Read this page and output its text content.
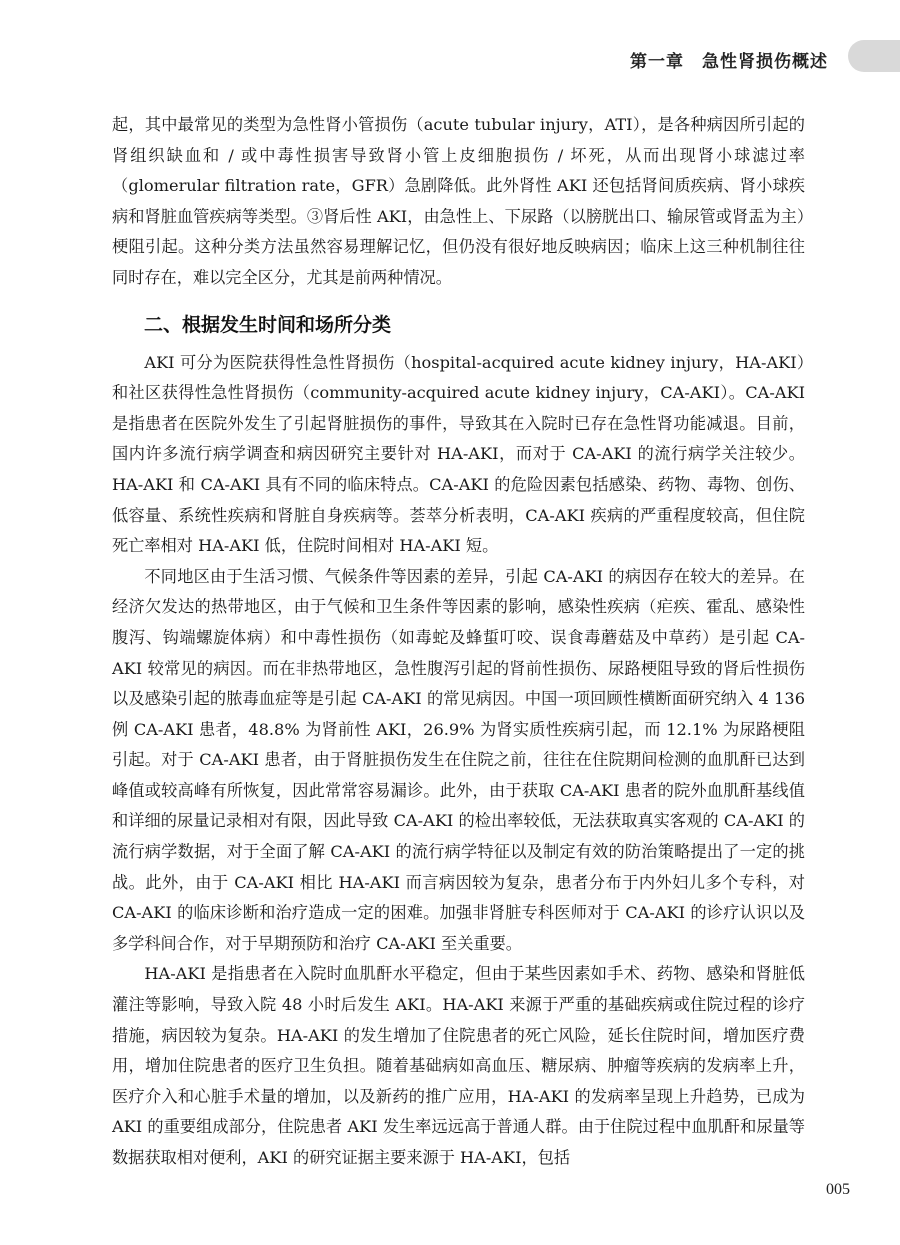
第一章　急性肾损伤概述

起，其中最常见的类型为急性肾小管损伤（acute tubular injury，ATI），是各种病因所引起的肾组织缺血和 / 或中毒性损害导致肾小管上皮细胞损伤 / 坏死，从而出现肾小球滤过率（glomerular filtration rate，GFR）急剧降低。此外肾性 AKI 还包括肾间质疾病、肾小球疾病和肾脏血管疾病等类型。③肾后性 AKI，由急性上、下尿路（以膀胱出口、输尿管或肾盂为主）梗阻引起。这种分类方法虽然容易理解记忆，但仍没有很好地反映病因；临床上这三种机制往往同时存在，难以完全区分，尤其是前两种情况。

二、根据发生时间和场所分类

AKI 可分为医院获得性急性肾损伤（hospital-acquired acute kidney injury，HA-AKI）和社区获得性急性肾损伤（community-acquired acute kidney injury，CA-AKI）。CA-AKI 是指患者在医院外发生了引起肾脏损伤的事件，导致其在入院时已存在急性肾功能减退。目前，国内许多流行病学调查和病因研究主要针对 HA-AKI，而对于 CA-AKI 的流行病学关注较少。HA-AKI 和 CA-AKI 具有不同的临床特点。CA-AKI 的危险因素包括感染、药物、毒物、创伤、低容量、系统性疾病和肾脏自身疾病等。荟萃分析表明，CA-AKI 疾病的严重程度较高，但住院死亡率相对 HA-AKI 低，住院时间相对 HA-AKI 短。

不同地区由于生活习惯、气候条件等因素的差异，引起 CA-AKI 的病因存在较大的差异。在经济欠发达的热带地区，由于气候和卫生条件等因素的影响，感染性疾病（疟疾、霍乱、感染性腹泻、钩端螺旋体病）和中毒性损伤（如毒蛇及蜂蜇叮咬、误食毒蘑菇及中草药）是引起 CA-AKI 较常见的病因。而在非热带地区，急性腹泻引起的肾前性损伤、尿路梗阻导致的肾后性损伤以及感染引起的脓毒血症等是引起 CA-AKI 的常见病因。中国一项回顾性横断面研究纳入 4 136 例 CA-AKI 患者，48.8% 为肾前性 AKI，26.9% 为肾实质性疾病引起，而 12.1% 为尿路梗阻引起。对于 CA-AKI 患者，由于肾脏损伤发生在住院之前，往往在住院期间检测的血肌酐已达到峰值或较高峰有所恢复，因此常常容易漏诊。此外，由于获取 CA-AKI 患者的院外血肌酐基线值和详细的尿量记录相对有限，因此导致 CA-AKI 的检出率较低，无法获取真实客观的 CA-AKI 的流行病学数据，对于全面了解 CA-AKI 的流行病学特征以及制定有效的防治策略提出了一定的挑战。此外，由于 CA-AKI 相比 HA-AKI 而言病因较为复杂，患者分布于内外妇儿多个专科，对 CA-AKI 的临床诊断和治疗造成一定的困难。加强非肾脏专科医师对于 CA-AKI 的诊疗认识以及多学科间合作，对于早期预防和治疗 CA-AKI 至关重要。

HA-AKI 是指患者在入院时血肌酐水平稳定，但由于某些因素如手术、药物、感染和肾脏低灌注等影响，导致入院 48 小时后发生 AKI。HA-AKI 来源于严重的基础疾病或住院过程的诊疗措施，病因较为复杂。HA-AKI 的发生增加了住院患者的死亡风险，延长住院时间，增加医疗费用，增加住院患者的医疗卫生负担。随着基础病如高血压、糖尿病、肿瘤等疾病的发病率上升，医疗介入和心脏手术量的增加，以及新药的推广应用，HA-AKI 的发病率呈现上升趋势，已成为 AKI 的重要组成部分，住院患者 AKI 发生率远远高于普通人群。由于住院过程中血肌酐和尿量等数据获取相对便利，AKI 的研究证据主要来源于 HA-AKI，包括

005
